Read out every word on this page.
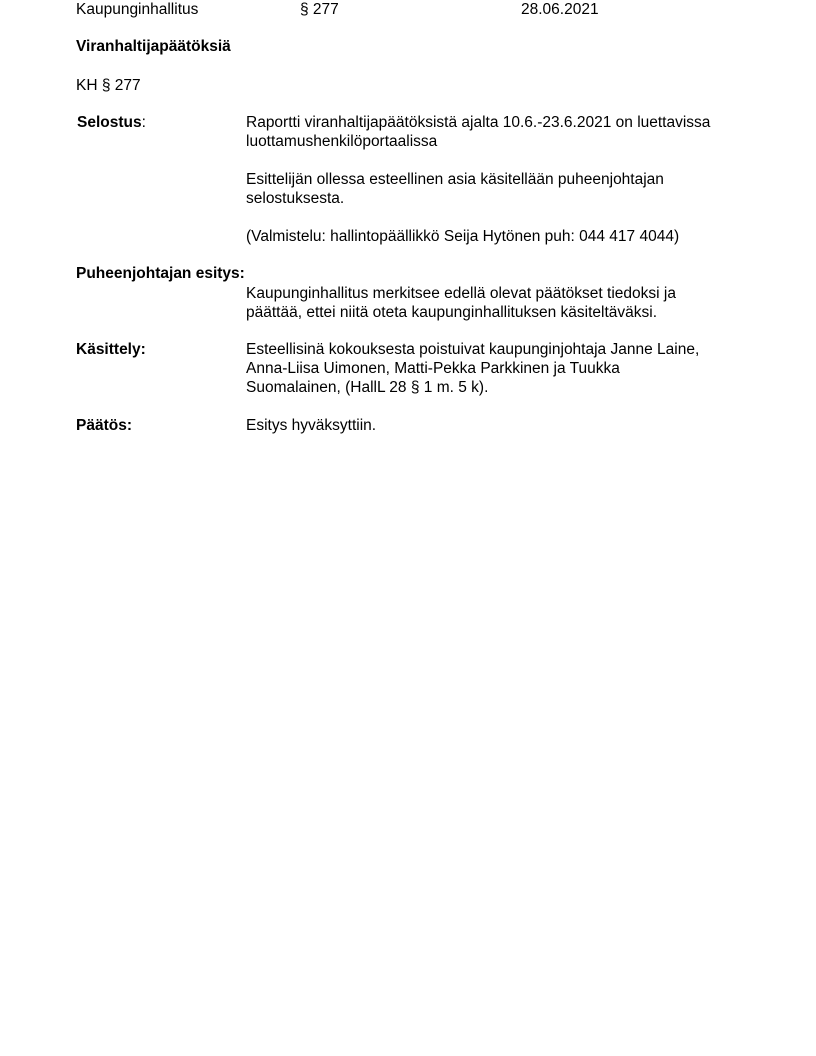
Kaupunginhallitus	§ 277	28.06.2021
Viranhaltijapäätöksiä
KH § 277
Selostus:	Raportti viranhaltijapäätöksistä ajalta 10.6.-23.6.2021 on luettavissa

luottamushenkilöportaalissa

Esittelijän ollessa esteellinen asia käsitellään puheenjohtajan

selostuksesta.

(Valmistelu: hallintopäällikkö Seija Hytönen puh: 044 417 4044)

Puheenjohtajan esitys:

Kaupunginhallitus merkitsee edellä olevat päätökset tiedoksi ja

päättää, ettei niitä oteta kaupunginhallituksen käsiteltäväksi.

Käsittely:	Esteellisinä kokouksesta poistuivat kaupunginjohtaja Janne Laine,

Anna-Liisa Uimonen, Matti-Pekka Parkkinen ja Tuukka

Suomalainen, (HallL 28 § 1 m. 5 k).

Päätös:	Esitys hyväksyttiin.
